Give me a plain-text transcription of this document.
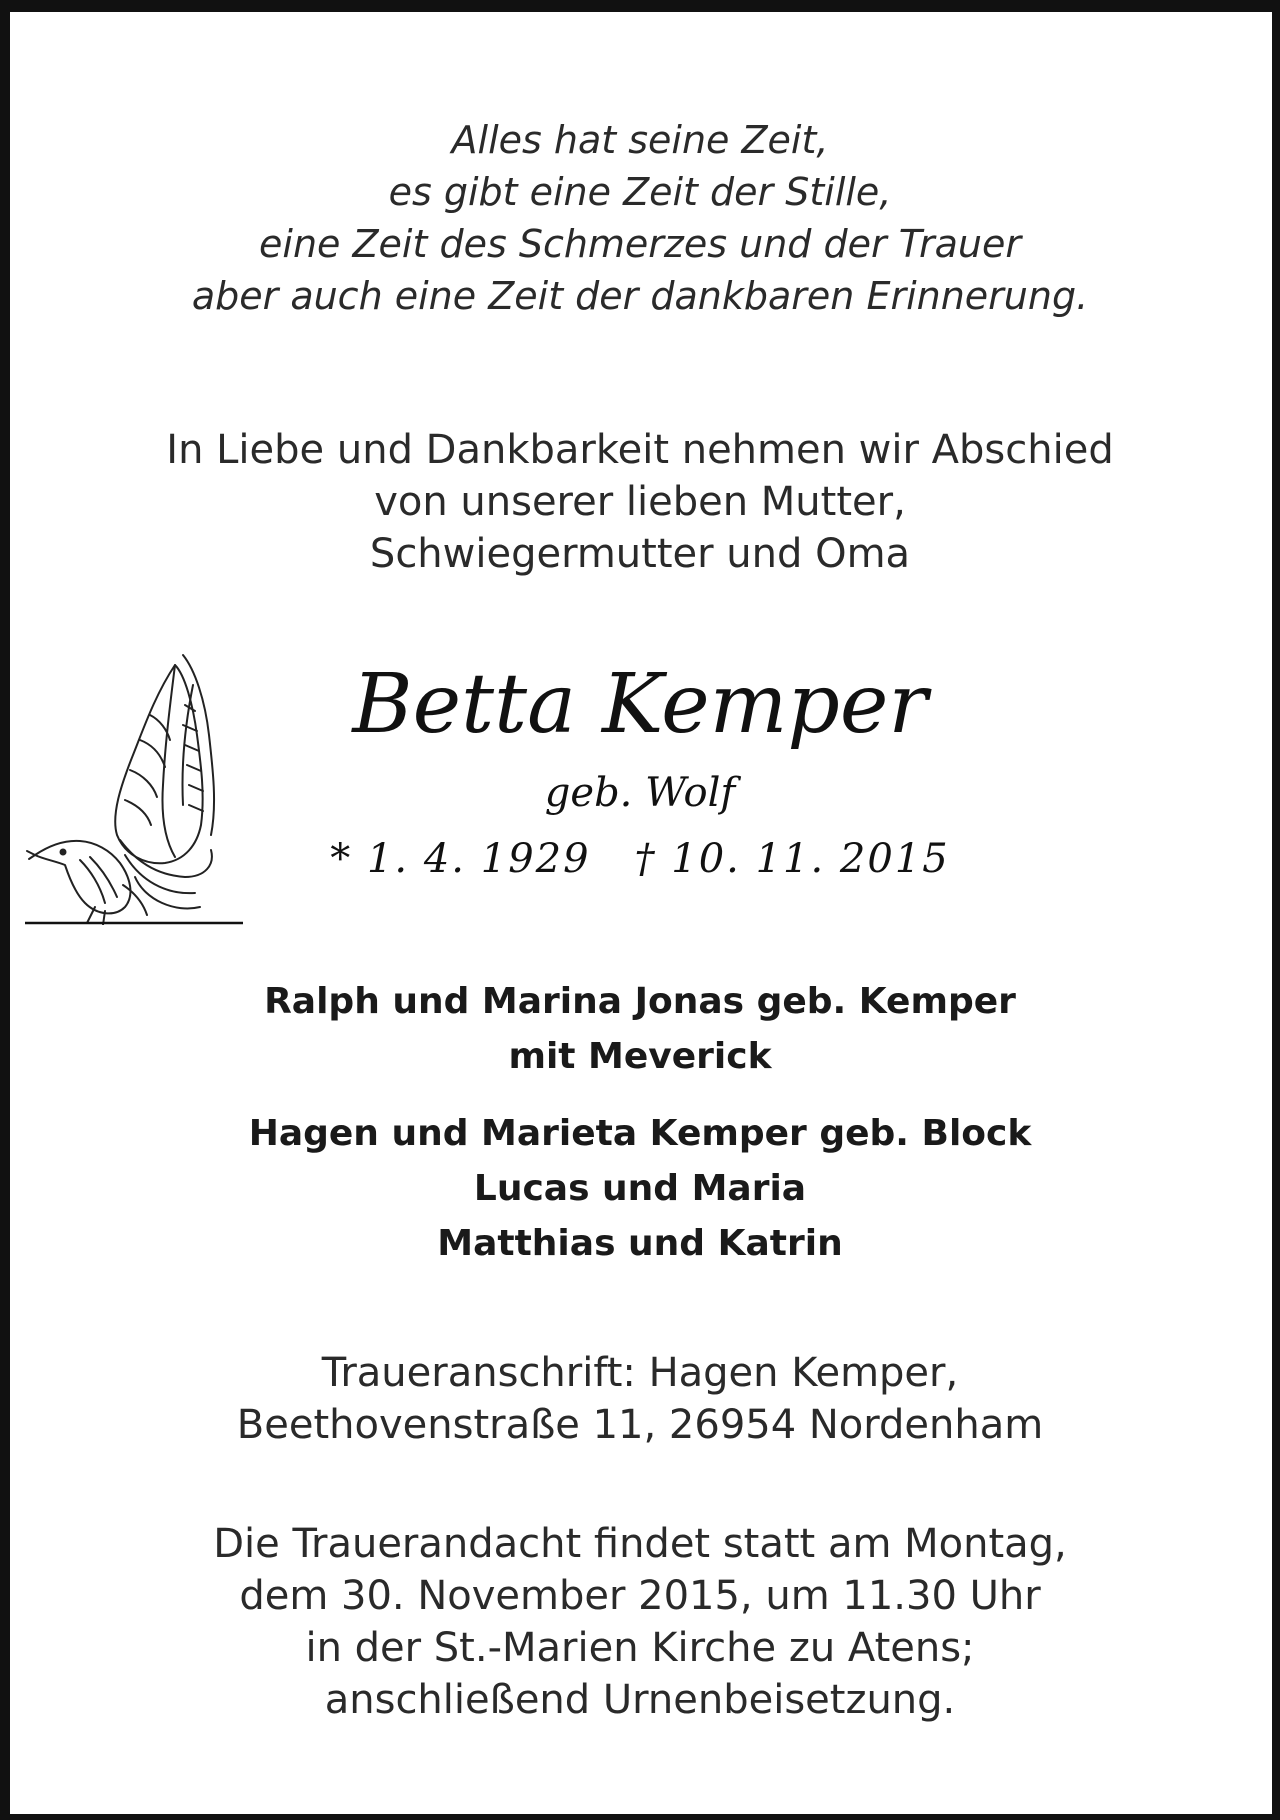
Alles hat seine Zeit,
es gibt eine Zeit der Stille,
eine Zeit des Schmerzes und der Trauer
aber auch eine Zeit der dankbaren Erinnerung.
In Liebe und Dankbarkeit nehmen wir Abschied
von unserer lieben Mutter,
Schwiegermutter und Oma
Betta Kemper
geb. Wolf
* 1. 4. 1929 † 10. 11. 2015
Ralph und Marina Jonas geb. Kemper
mit Meverick
Hagen und Marieta Kemper geb. Block
Lucas und Maria
Matthias und Katrin
Traueranschrift: Hagen Kemper,
Beethovenstraße 11, 26954 Nordenham
Die Trauerandacht findet statt am Montag,
dem 30. November 2015, um 11.30 Uhr
in der St.-Marien Kirche zu Atens;
anschließend Urnenbeisetzung.
